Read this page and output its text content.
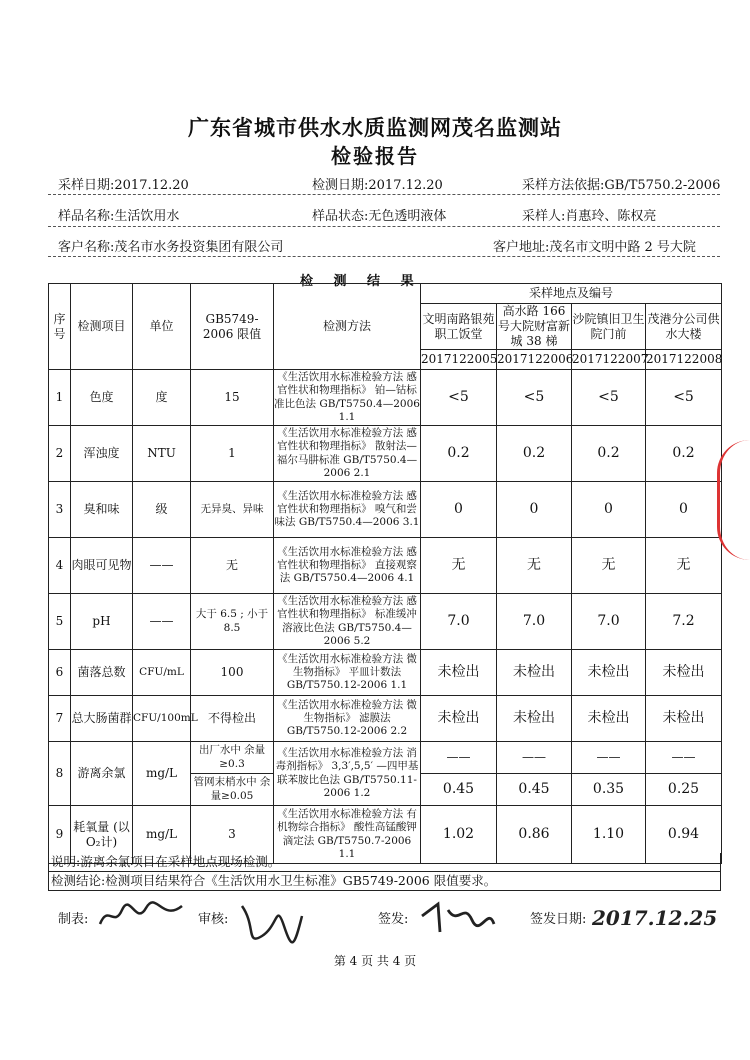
广东省城市供水水质监测网茂名监测站
检验报告
采样日期:2017.12.20	检测日期:2017.12.20	采样方法依据:GB/T5750.2-2006
样品名称:生活饮用水	样品状态:无色透明液体	采样人:肖惠玲、陈权亮
客户名称:茂名市水务投资集团有限公司	客户地址:茂名市文明中路 2 号大院
检 测 结 果
序号	检测项目	单位	GB5749-2006 限值	检测方法	采样地点及编号			
					文明南路银苑职工饭堂	高水路 166 号大院财富新城 38 梯	沙院镇旧卫生院门前	茂港分公司供水大楼
					2017122005	2017122006	2017122007	2017122008
1	色度	度	15	《生活饮用水标准检验方法 感官性状和物理指标》 铂—钴标准比色法 GB/T5750.4—2006 1.1	<5	<5	<5	<5
2	浑浊度	NTU	1	《生活饮用水标准检验方法 感官性状和物理指标》 散射法—福尔马肼标准 GB/T5750.4—2006 2.1	0.2	0.2	0.2	0.2
3	臭和味	级	无异臭、异味	《生活饮用水标准检验方法 感官性状和物理指标》 嗅气和尝味法 GB/T5750.4—2006 3.1	0	0	0	0
4	肉眼可见物	——	无	《生活饮用水标准检验方法 感官性状和物理指标》 直接观察法 GB/T5750.4—2006 4.1	无	无	无	无
5	pH	——	大于 6.5 ; 小于 8.5	《生活饮用水标准检验方法 感官性状和物理指标》 标准缓冲溶液比色法 GB/T5750.4—2006 5.2	7.0	7.0	7.0	7.2
6	菌落总数	CFU/mL	100	《生活饮用水标准检验方法 微生物指标》 平皿计数法 GB/T5750.12-2006 1.1	未检出	未检出	未检出	未检出
7	总大肠菌群	CFU/100mL	不得检出	《生活饮用水标准检验方法 微生物指标》 滤膜法 GB/T5750.12-2006 2.2	未检出	未检出	未检出	未检出
8	游离余氯	mg/L	出厂水中 余量≥0.3	《生活饮用水标准检验方法 消毒剂指标》 3,3′,5,5′ —四甲基联苯胺比色法 GB/T5750.11-2006 1.2	——	——	——	——
			管网末梢水中 余量≥0.05		0.45	0.45	0.35	0.25
9	耗氧量 (以O₂计)	mg/L	3	《生活饮用水标准检验方法 有机物综合指标》 酸性高锰酸钾滴定法 GB/T5750.7-2006 1.1	1.02	0.86	1.10	0.94
说明:游离余氯项目在采样地点现场检测。
检测结论:检测项目结果符合《生活饮用水卫生标准》GB5749-2006 限值要求。
制表:	审核:	签发:	签发日期: 2017.12.25
第 4 页 共 4 页
